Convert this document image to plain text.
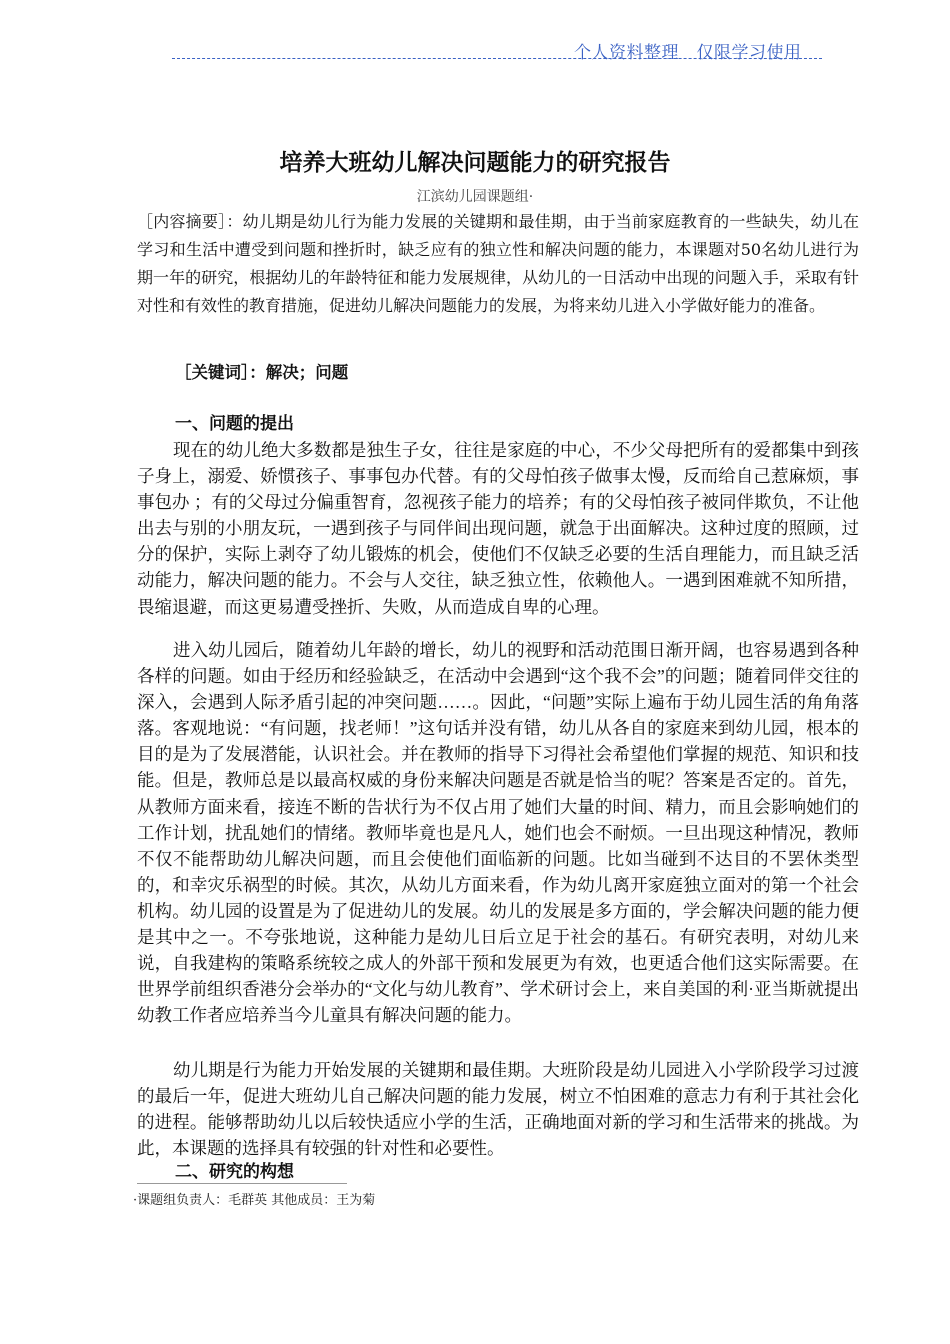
个人资料整理　仅限学习使用
培养大班幼儿解决问题能力的研究报告
江滨幼儿园课题组·
［内容摘要］：幼儿期是幼儿行为能力发展的关键期和最佳期，由于当前家庭教育的一些缺失，幼儿在学习和生活中遭受到问题和挫折时，缺乏应有的独立性和解决问题的能力，本课题对50名幼儿进行为期一年的研究，根据幼儿的年龄特征和能力发展规律，从幼儿的一日活动中出现的问题入手，采取有针对性和有效性的教育措施，促进幼儿解决问题能力的发展，为将来幼儿进入小学做好能力的准备。
［关键词］：解决；问题
一、问题的提出
现在的幼儿绝大多数都是独生子女，往往是家庭的中心，不少父母把所有的爱都集中到孩子身上，溺爱、娇惯孩子、事事包办代替。有的父母怕孩子做事太慢，反而给自己惹麻烦，事事包办 ；有的父母过分偏重智育，忽视孩子能力的培养；有的父母怕孩子被同伴欺负，不让他出去与别的小朋友玩，一遇到孩子与同伴间出现问题，就急于出面解决。这种过度的照顾，过分的保护，实际上剥夺了幼儿锻炼的机会，使他们不仅缺乏必要的生活自理能力，而且缺乏活动能力，解决问题的能力。不会与人交往，缺乏独立性，依赖他人。一遇到困难就不知所措，畏缩退避，而这更易遭受挫折、失败，从而造成自卑的心理。
进入幼儿园后，随着幼儿年龄的增长，幼儿的视野和活动范围日渐开阔，也容易遇到各种各样的问题。如由于经历和经验缺乏，在活动中会遇到“这个我不会”的问题；随着同伴交往的深入，会遇到人际矛盾引起的冲突问题……。因此，“问题”实际上遍布于幼儿园生活的角角落落。客观地说：“有问题，找老师！”这句话并没有错，幼儿从各自的家庭来到幼儿园，根本的目的是为了发展潜能，认识社会。并在教师的指导下习得社会希望他们掌握的规范、知识和技能。但是，教师总是以最高权威的身份来解决问题是否就是恰当的呢？答案是否定的。首先，从教师方面来看，接连不断的告状行为不仅占用了她们大量的时间、精力，而且会影响她们的工作计划，扰乱她们的情绪。教师毕竟也是凡人，她们也会不耐烦。一旦出现这种情况，教师不仅不能帮助幼儿解决问题，而且会使他们面临新的问题。比如当碰到不达目的不罢休类型的，和幸灾乐祸型的时候。其次，从幼儿方面来看，作为幼儿离开家庭独立面对的第一个社会机构。幼儿园的设置是为了促进幼儿的发展。幼儿的发展是多方面的，学会解决问题的能力便是其中之一。不夸张地说，这种能力是幼儿日后立足于社会的基石。有研究表明，对幼儿来说，自我建构的策略系统较之成人的外部干预和发展更为有效，也更适合他们这实际需要。在世界学前组织香港分会举办的“文化与幼儿教育”、学术研讨会上，来自美国的利·亚当斯就提出幼教工作者应培养当今儿童具有解决问题的能力。
幼儿期是行为能力开始发展的关键期和最佳期。大班阶段是幼儿园进入小学阶段学习过渡的最后一年，促进大班幼儿自己解决问题的能力发展，树立不怕困难的意志力有利于其社会化的进程。能够帮助幼儿以后较快适应小学的生活，正确地面对新的学习和生活带来的挑战。为此，本课题的选择具有较强的针对性和必要性。
二、研究的构想
·课题组负责人：毛群英 其他成员：王为菊
